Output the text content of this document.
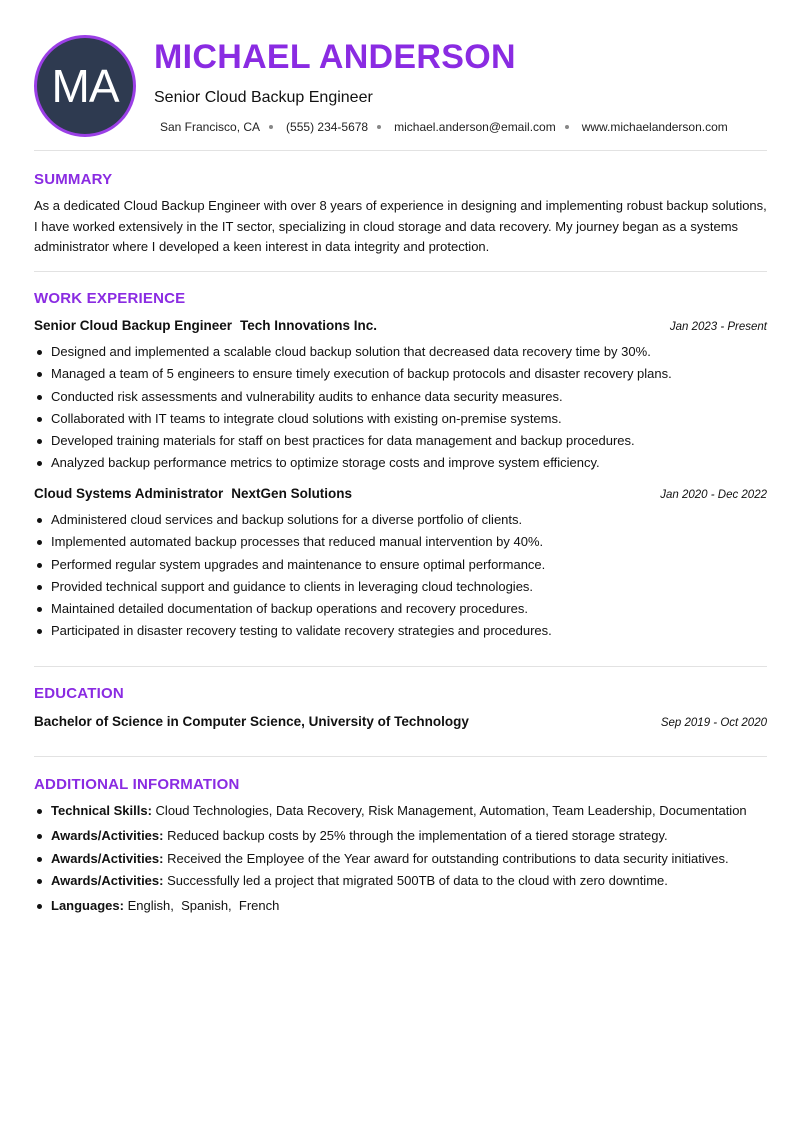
MA
MICHAEL ANDERSON
Senior Cloud Backup Engineer
San Francisco, CA (555) 234-5678 michael.anderson@email.com www.michaelanderson.com
SUMMARY
As a dedicated Cloud Backup Engineer with over 8 years of experience in designing and implementing robust backup solutions, I have worked extensively in the IT sector, specializing in cloud storage and data recovery. My journey began as a systems administrator where I developed a keen interest in data integrity and protection.
WORK EXPERIENCE
Senior Cloud Backup Engineer Tech Innovations Inc.	Jan 2023 - Present
Designed and implemented a scalable cloud backup solution that decreased data recovery time by 30%.
Managed a team of 5 engineers to ensure timely execution of backup protocols and disaster recovery plans.
Conducted risk assessments and vulnerability audits to enhance data security measures.
Collaborated with IT teams to integrate cloud solutions with existing on-premise systems.
Developed training materials for staff on best practices for data management and backup procedures.
Analyzed backup performance metrics to optimize storage costs and improve system efficiency.
Cloud Systems Administrator NextGen Solutions	Jan 2020 - Dec 2022
Administered cloud services and backup solutions for a diverse portfolio of clients.
Implemented automated backup processes that reduced manual intervention by 40%.
Performed regular system upgrades and maintenance to ensure optimal performance.
Provided technical support and guidance to clients in leveraging cloud technologies.
Maintained detailed documentation of backup operations and recovery procedures.
Participated in disaster recovery testing to validate recovery strategies and procedures.
EDUCATION
Bachelor of Science in Computer Science, University of Technology	Sep 2019 - Oct 2020
ADDITIONAL INFORMATION
Technical Skills: Cloud Technologies, Data Recovery, Risk Management, Automation, Team Leadership, Documentation
Awards/Activities: Reduced backup costs by 25% through the implementation of a tiered storage strategy.
Awards/Activities: Received the Employee of the Year award for outstanding contributions to data security initiatives.
Awards/Activities: Successfully led a project that migrated 500TB of data to the cloud with zero downtime.
Languages: English,  Spanish,  French
